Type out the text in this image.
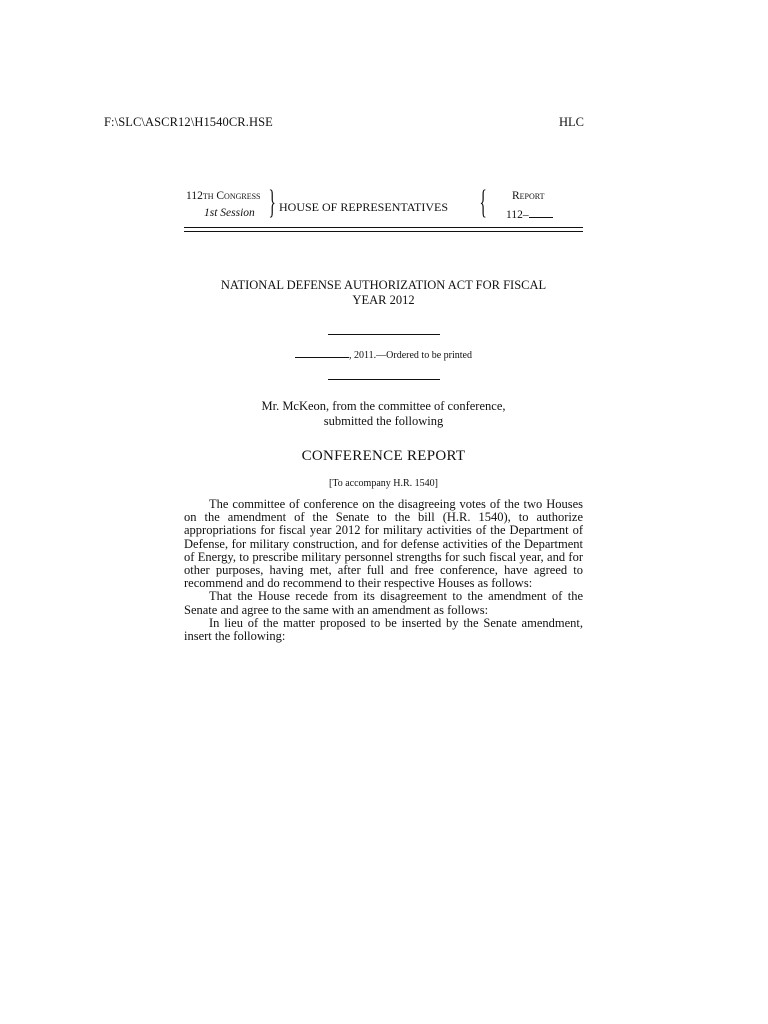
F:\SLC\ASCR12\H1540CR.HSE	HLC
112th Congress
1st Session } HOUSE OF REPRESENTATIVES { Report
112–
NATIONAL DEFENSE AUTHORIZATION ACT FOR FISCAL
YEAR 2012
, 2011.—Ordered to be printed
Mr. McKeon, from the committee of conference,
submitted the following
CONFERENCE REPORT
[To accompany H.R. 1540]

The committee of conference on the disagreeing votes of the two Houses on the amendment of the Senate to the bill (H.R. 1540), to authorize appropriations for fiscal year 2012 for military activities of the Department of Defense, for military construction, and for defense activities of the Department of Energy, to prescribe military personnel strengths for such fiscal year, and for other purposes, having met, after full and free conference, have agreed to recommend and do recommend to their respective Houses as follows:

That the House recede from its disagreement to the amendment of the Senate and agree to the same with an amendment as follows:

In lieu of the matter proposed to be inserted by the Senate amendment, insert the following:
